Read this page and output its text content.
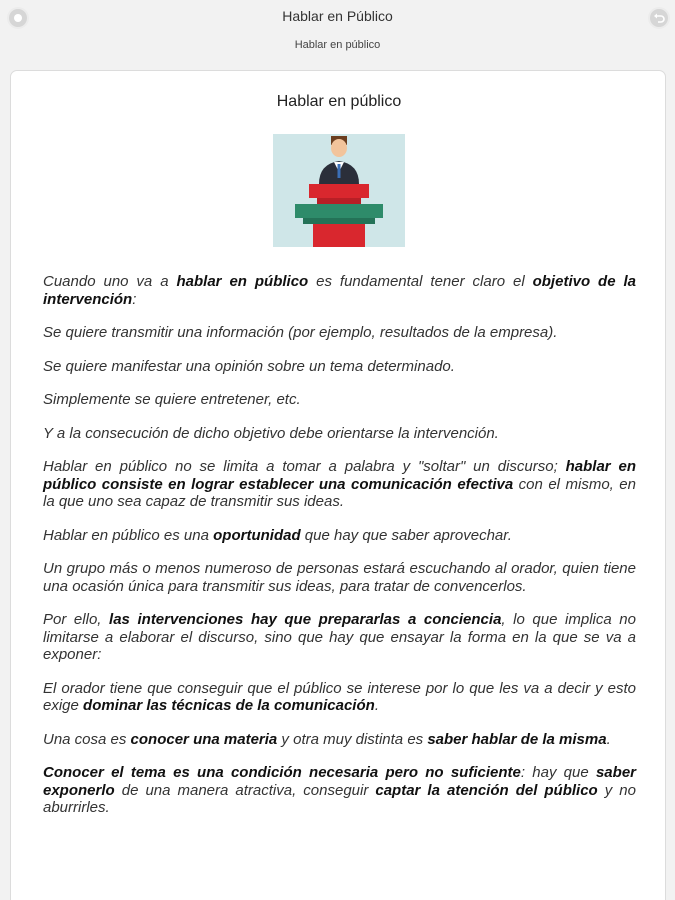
Hablar en Público
Hablar en público
Hablar en público

Cuando uno va a hablar en público es fundamental tener claro el objetivo de la intervención:

Se quiere transmitir una información (por ejemplo, resultados de la empresa).

Se quiere manifestar una opinión sobre un tema determinado.

Simplemente se quiere entretener, etc.

Y a la consecución de dicho objetivo debe orientarse la intervención.

Hablar en público no se limita a tomar a palabra y "soltar" un discurso; hablar en público consiste en lograr establecer una comunicación efectiva con el mismo, en la que uno sea capaz de transmitir sus ideas.

Hablar en público es una oportunidad que hay que saber aprovechar.

Un grupo más o menos numeroso de personas estará escuchando al orador, quien tiene una ocasión única para transmitir sus ideas, para tratar de convencerlos.

Por ello, las intervenciones hay que prepararlas a conciencia, lo que implica no limitarse a elaborar el discurso, sino que hay que ensayar la forma en la que se va a exponer:

El orador tiene que conseguir que el público se interese por lo que les va a decir y esto exige dominar las técnicas de la comunicación.

Una cosa es conocer una materia y otra muy distinta es saber hablar de la misma.

Conocer el tema es una condición necesaria pero no suficiente: hay que saber exponerlo de una manera atractiva, conseguir captar la atención del público y no aburrirles.
